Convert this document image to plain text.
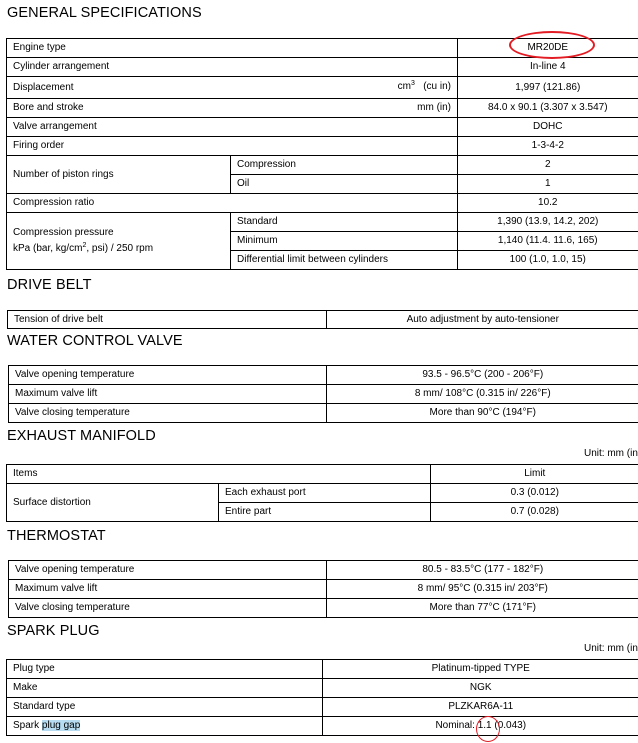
GENERAL SPECIFICATIONS
Engine type		MR20DE
Cylinder arrangement		In-line 4
Displacement $cm^3$ (cu in)		1,997 (121.86)
Bore and stroke mm (in)		84.0 x 90.1 (3.307 x 3.547)
Valve arrangement		DOHC
Firing order		1-3-4-2
Number of piston rings	Compression	2
	Oil	1
Compression ratio		10.2

Compression pressure
kPa (bar, $kg/cm^2$, psi) / 250 rpm	Standard	1,390 (13.9, 14.2, 202)
	Minimum	1,140 (11.4. 11.6, 165)
	Differential limit between cylinders	100 (1.0, 1.0, 15)
DRIVE BELT
Tension of drive belt	Auto adjustment by auto-tensioner
WATER CONTROL VALVE
Valve opening temperature	93.5 - 96.5°C (200 - 206°F)
Maximum valve lift	8 mm/ 108°C (0.315 in/ 226°F)
Valve closing temperature	More than 90°C (194°F)
EXHAUST MANIFOLD
Unit: mm (in
Items		Limit
Surface distortion	Each exhaust port	0.3 (0.012)
	Entire part	0.7 (0.028)
THERMOSTAT
Valve opening temperature	80.5 - 83.5°C (177 - 182°F)
Maximum valve lift	8 mm/ 95°C (0.315 in/ 203°F)
Valve closing temperature	More than 77°C (171°F)
SPARK PLUG
Unit: mm (in
Plug type	Platinum-tipped TYPE
Make	NGK
Standard type	PLZKAR6A-11
Spark plug gap	Nominal: 1.1 (0.043)
